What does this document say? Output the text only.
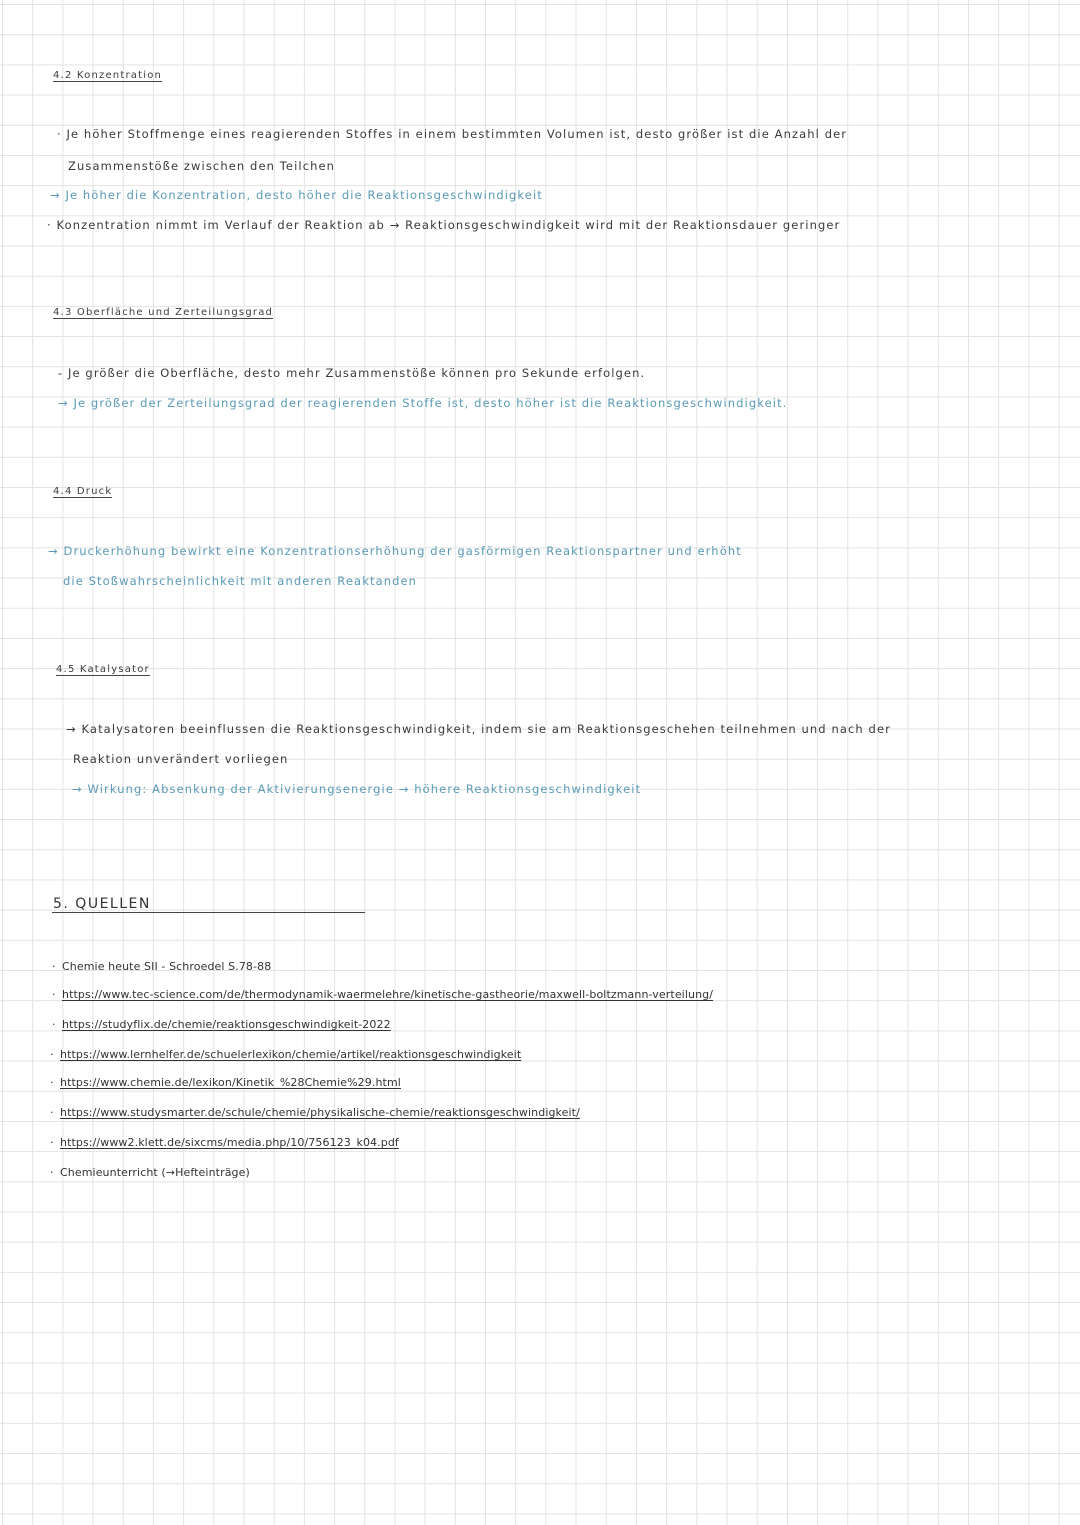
4.2 Konzentration
· Je höher Stoffmenge eines reagierenden Stoffes in einem bestimmten Volumen ist, desto größer ist die Anzahl der
Zusammenstöße zwischen den Teilchen
→ Je höher die Konzentration, desto höher die Reaktionsgeschwindigkeit
· Konzentration nimmt im Verlauf der Reaktion ab → Reaktionsgeschwindigkeit wird mit der Reaktionsdauer geringer
4.3 Oberfläche und Zerteilungsgrad
- Je größer die Oberfläche, desto mehr Zusammenstöße können pro Sekunde erfolgen.
→ Je größer der Zerteilungsgrad der reagierenden Stoffe ist, desto höher ist die Reaktionsgeschwindigkeit.
4.4 Druck
→ Druckerhöhung bewirkt eine Konzentrationserhöhung der gasförmigen Reaktionspartner und erhöht
die Stoßwahrscheinlichkeit mit anderen Reaktanden
4.5 Katalysator
→ Katalysatoren beeinflussen die Reaktionsgeschwindigkeit, indem sie am Reaktionsgeschehen teilnehmen und nach der
Reaktion unverändert vorliegen
→ Wirkung: Absenkung der Aktivierungsenergie → höhere Reaktionsgeschwindigkeit
5. QUELLEN
· Chemie heute SII - Schroedel S.78-88
· https://www.tec-science.com/de/thermodynamik-waermelehre/kinetische-gastheorie/maxwell-boltzmann-verteilung/
· https://studyflix.de/chemie/reaktionsgeschwindigkeit-2022
· https://www.lernhelfer.de/schuelerlexikon/chemie/artikel/reaktionsgeschwindigkeit
· https://www.chemie.de/lexikon/Kinetik_%28Chemie%29.html
· https://www.studysmarter.de/schule/chemie/physikalische-chemie/reaktionsgeschwindigkeit/
· https://www2.klett.de/sixcms/media.php/10/756123_k04.pdf
· Chemieunterricht (→Hefteinträge)
